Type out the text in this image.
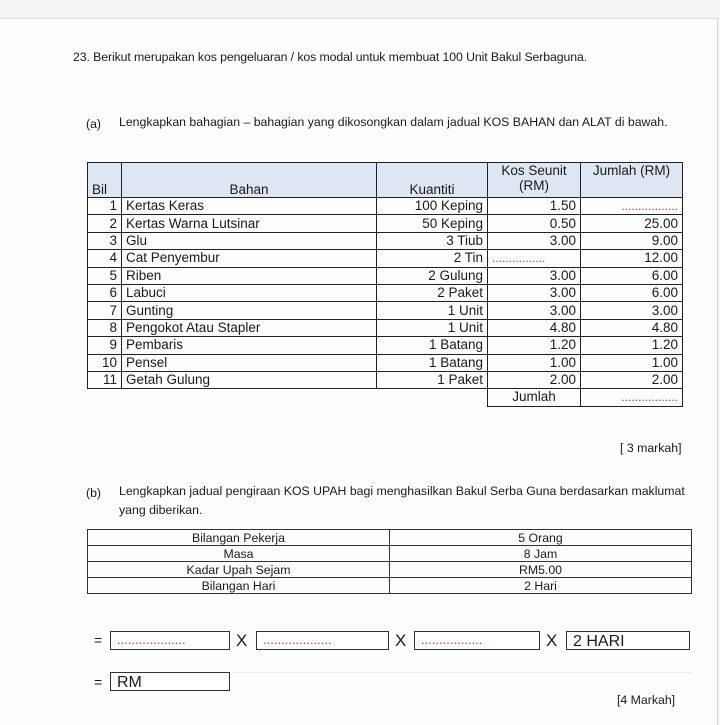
23. Berikut merupakan kos pengeluaran / kos modal untuk membuat 100 Unit Bakul Serbaguna.
(a) Lengkapkan bahagian – bahagian yang dikosongkan dalam jadual KOS BAHAN dan ALAT di bawah.
Bil	Bahan	Kuantiti	Kos Seunit (RM)	Jumlah (RM)
1	Kertas Keras	100 Keping	1.50	.................
2	Kertas Warna Lutsinar	50 Keping	0.50	25.00
3	Glu	3 Tiub	3.00	9.00
4	Cat Penyembur	2 Tin	................	12.00
5	Riben	2 Gulung	3.00	6.00
6	Labuci	2 Paket	3.00	6.00
7	Gunting	1 Unit	3.00	3.00
8	Pengokot Atau Stapler	1 Unit	4.80	4.80
9	Pembaris	1 Batang	1.20	1.20
10	Pensel	1 Batang	1.00	1.00
11	Getah Gulung	1 Paket	2.00	2.00
			Jumlah	.................
[ 3 markah]
(b) Lengkapkan jadual pengiraan KOS UPAH bagi menghasilkan Bakul Serba Guna berdasarkan maklumat yang diberikan.
Bilangan Pekerja	5 Orang
Masa	8 Jam
Kadar Upah Sejam	RM5.00
Bilangan Hari	2 Hari
=	...................	X	...................	X	.................	X 2 HARI
= RM
[4 Markah]
